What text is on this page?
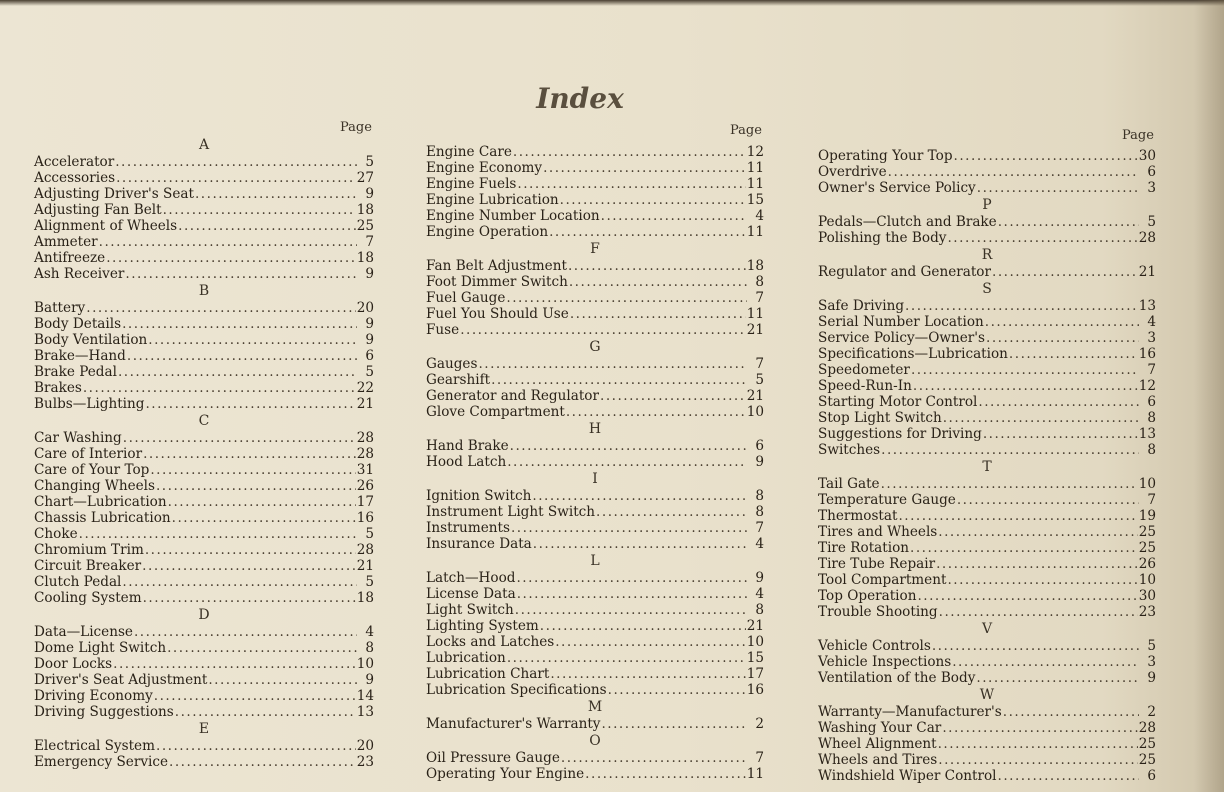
Index
Page	Page	Page
A
Accelerator .....	5
Accessories .....	27
Adjusting Driver's Seat .....	9
Adjusting Fan Belt .....	18
Alignment of Wheels .....	25
Ammeter .....	7
Antifreeze .....	18
Ash Receiver .....	9
B
Battery .....	20
Body Details .....	9
Body Ventilation .....	9
Brake—Hand .....	6
Brake Pedal .....	5
Brakes .....	22
Bulbs—Lighting .....	21
C
Car Washing .....	28
Care of Interior .....	28
Care of Your Top .....	31
Changing Wheels .....	26
Chart—Lubrication .....	17
Chassis Lubrication .....	16
Choke .....	5
Chromium Trim .....	28
Circuit Breaker .....	21
Clutch Pedal .....	5
Cooling System .....	18
D
Data—License .....	4
Dome Light Switch .....	8
Door Locks .....	10
Driver's Seat Adjustment .....	9
Driving Economy .....	14
Driving Suggestions .....	13
E
Electrical System .....	20
Emergency Service .....	23
Engine Care .....	12
Engine Economy .....	11
Engine Fuels .....	11
Engine Lubrication .....	15
Engine Number Location .....	4
Engine Operation .....	11
F
Fan Belt Adjustment .....	18
Foot Dimmer Switch .....	8
Fuel Gauge .....	7
Fuel You Should Use .....	11
Fuse .....	21
G
Gauges .....	7
Gearshift .....	5
Generator and Regulator .....	21
Glove Compartment .....	10
H
Hand Brake .....	6
Hood Latch .....	9
I
Ignition Switch .....	8
Instrument Light Switch .....	8
Instruments .....	7
Insurance Data .....	4
L
Latch—Hood .....	9
License Data .....	4
Light Switch .....	8
Lighting System .....	21
Locks and Latches .....	10
Lubrication .....	15
Lubrication Chart .....	17
Lubrication Specifications .....	16
M
Manufacturer's Warranty .....	2
O
Oil Pressure Gauge .....	7
Operating Your Engine .....	11
Operating Your Top .....	30
Overdrive .....	6
Owner's Service Policy .....	3
P
Pedals—Clutch and Brake .....	5
Polishing the Body .....	28
R
Regulator and Generator .....	21
S
Safe Driving .....	13
Serial Number Location .....	4
Service Policy—Owner's .....	3
Specifications—Lubrication .....	16
Speedometer .....	7
Speed-Run-In .....	12
Starting Motor Control .....	6
Stop Light Switch .....	8
Suggestions for Driving .....	13
Switches .....	8
T
Tail Gate .....	10
Temperature Gauge .....	7
Thermostat .....	19
Tires and Wheels .....	25
Tire Rotation .....	25
Tire Tube Repair .....	26
Tool Compartment .....	10
Top Operation .....	30
Trouble Shooting .....	23
V
Vehicle Controls .....	5
Vehicle Inspections .....	3
Ventilation of the Body .....	9
W
Warranty—Manufacturer's .....	2
Washing Your Car .....	28
Wheel Alignment .....	25
Wheels and Tires .....	25
Windshield Wiper Control .....	6
